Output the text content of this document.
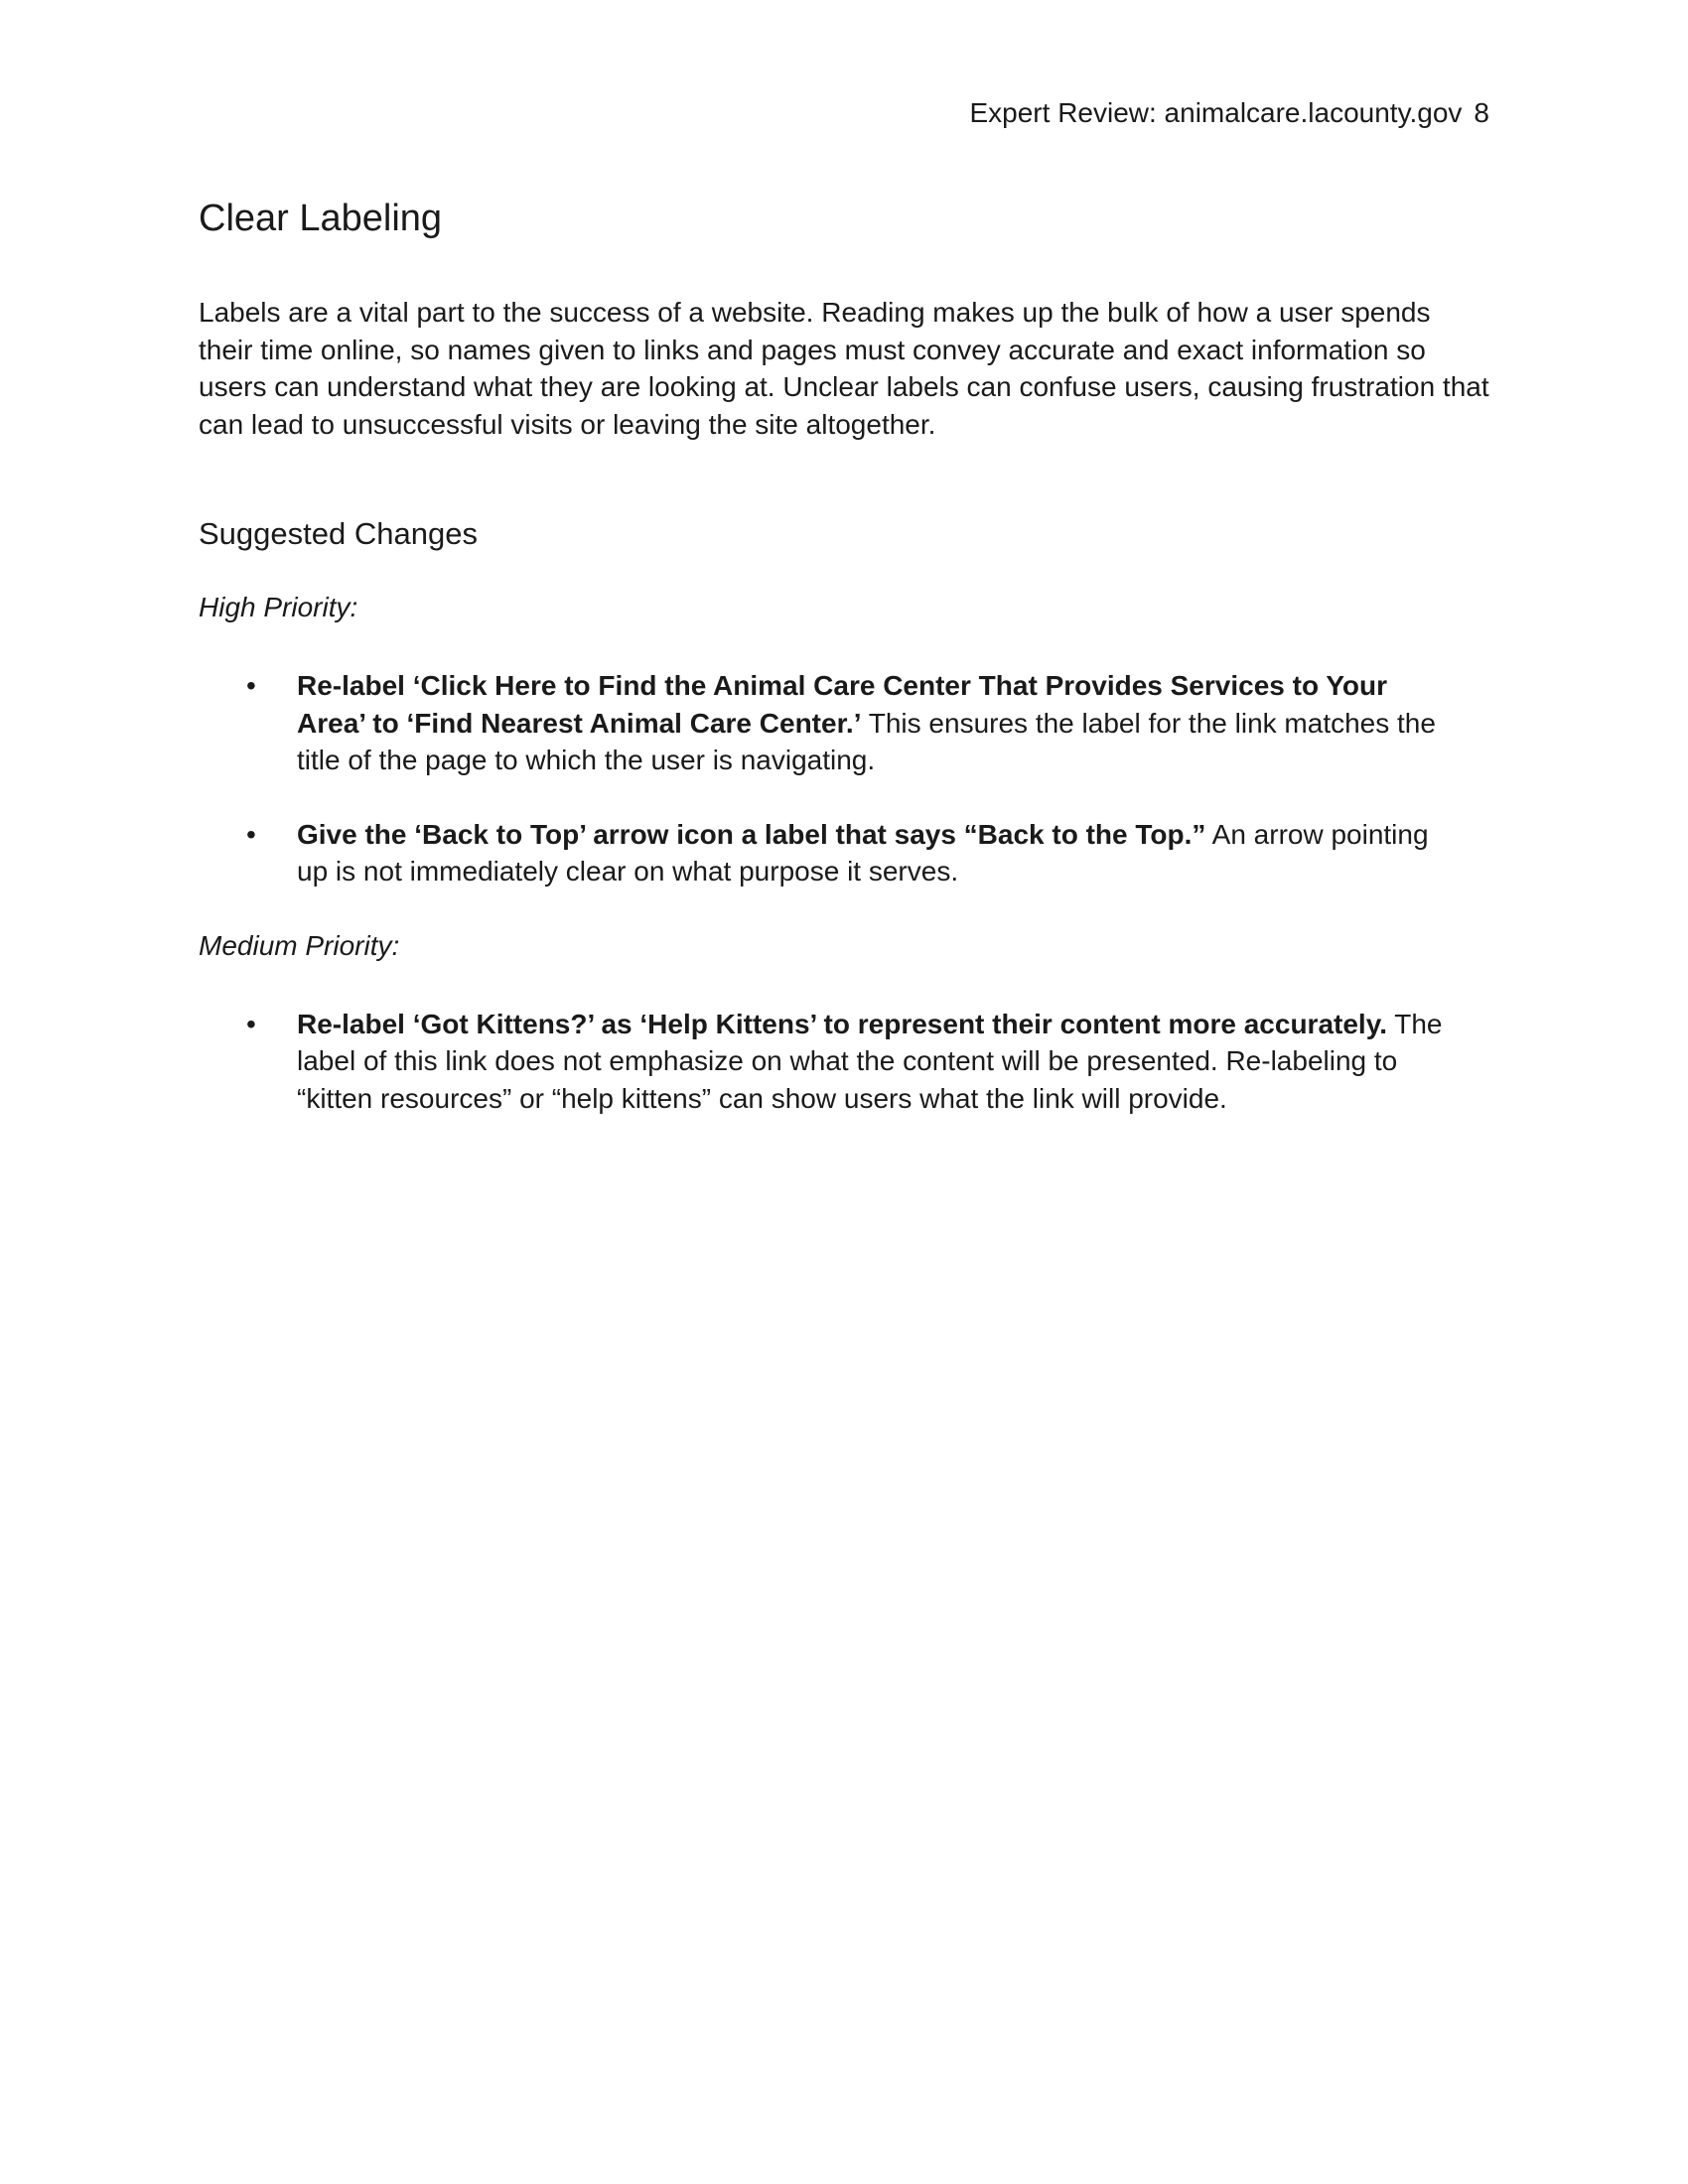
Expert Review: animalcare.lacounty.gov 8
Clear Labeling

Labels are a vital part to the success of a website. Reading makes up the bulk of how a user spends their time online, so names given to links and pages must convey accurate and exact information so users can understand what they are looking at. Unclear labels can confuse users, causing frustration that can lead to unsuccessful visits or leaving the site altogether.

Suggested Changes

High Priority:

• Re-label ‘Click Here to Find the Animal Care Center That Provides Services to Your Area’ to ‘Find Nearest Animal Care Center.’ This ensures the label for the link matches the title of the page to which the user is navigating.
• Give the ‘Back to Top’ arrow icon a label that says “Back to the Top.” An arrow pointing up is not immediately clear on what purpose it serves.

Medium Priority:

• Re-label ‘Got Kittens?’ as ‘Help Kittens’ to represent their content more accurately. The label of this link does not emphasize on what the content will be presented. Re-labeling to “kitten resources” or “help kittens” can show users what the link will provide.
